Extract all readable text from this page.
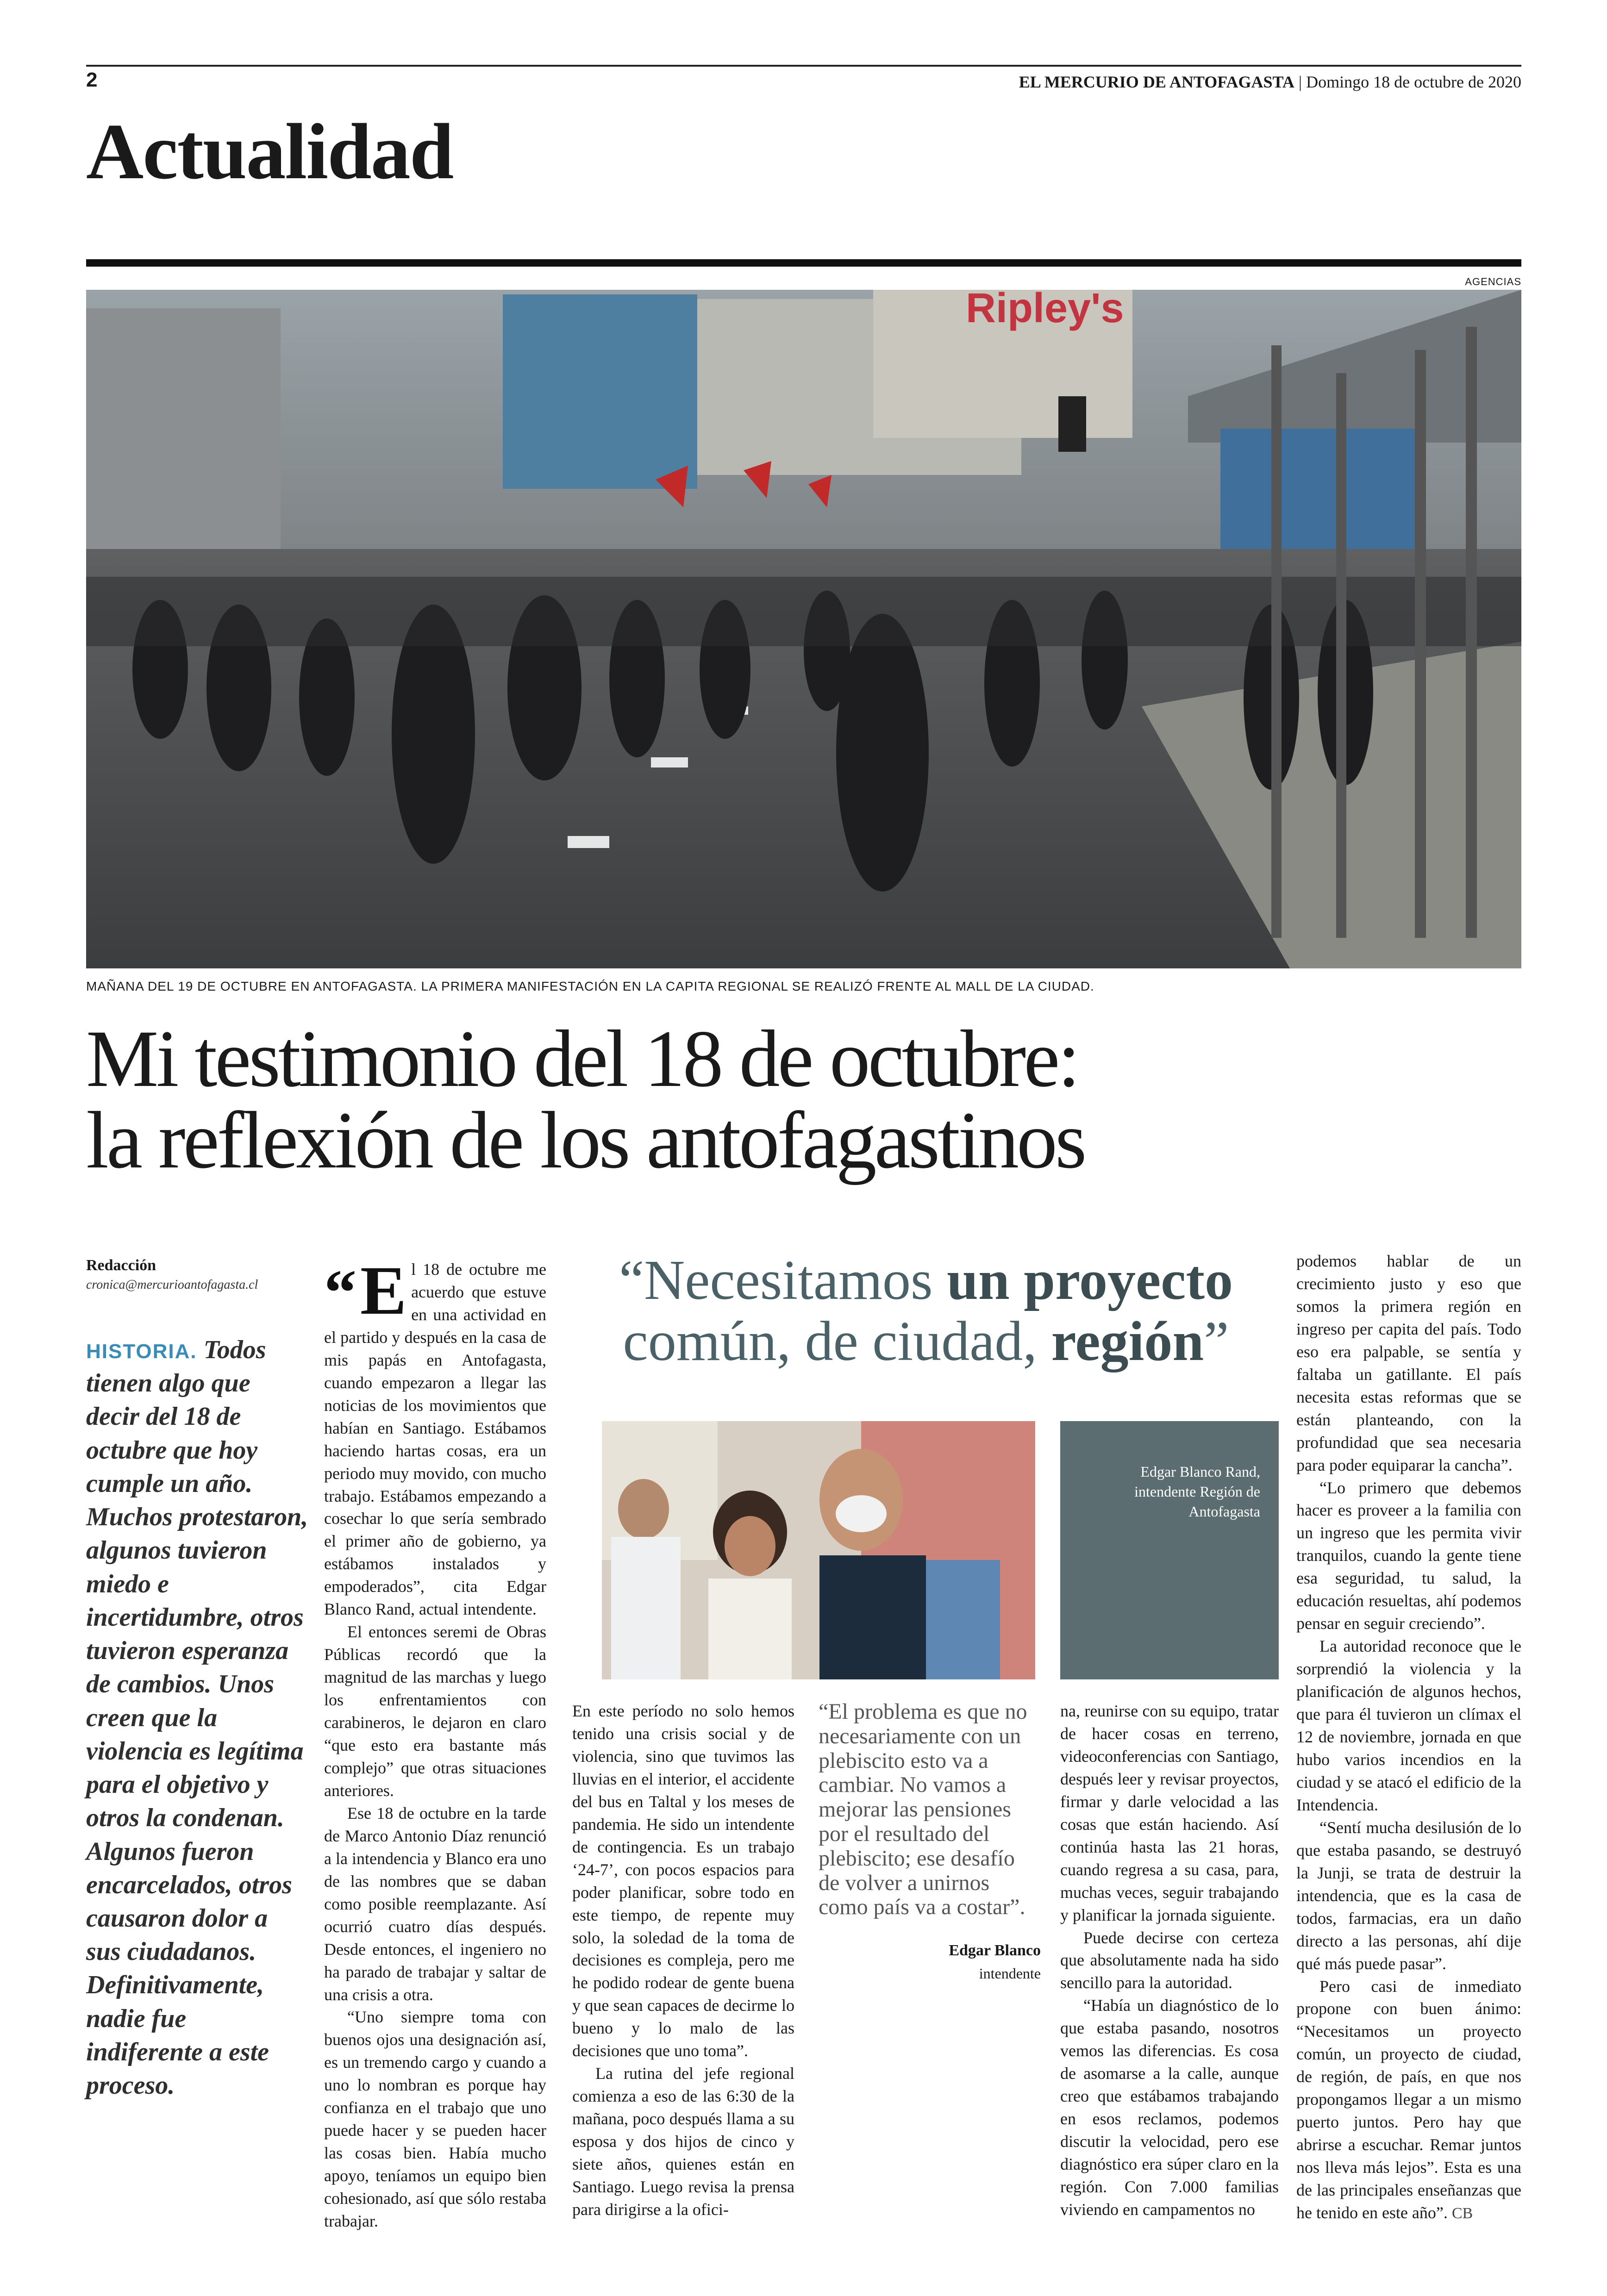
2	EL MERCURIO DE ANTOFAGASTA | Domingo 18 de octubre de 2020
Actualidad
AGENCIAS
Ripley's
MAÑANA DEL 19 DE OCTUBRE EN ANTOFAGASTA. LA PRIMERA MANIFESTACIÓN EN LA CAPITA REGIONAL SE REALIZÓ FRENTE AL MALL DE LA CIUDAD.
Mi testimonio del 18 de octubre:
la reflexión de los antofagastinos
Redacción
cronica@mercurioantofagasta.cl
HISTORIA. Todos tienen algo que decir del 18 de octubre que hoy cumple un año. Muchos protestaron, algunos tuvieron miedo e incertidumbre, otros tuvieron esperanza de cambios. Unos creen que la violencia es legítima para el objetivo y otros la condenan. Algunos fueron encarcelados, otros causaron dolor a sus ciudadanos. Definitivamente, nadie fue indiferente a este proceso.

“ E l 18 de octubre me acuerdo que estuve en una actividad en el partido y después en la casa de mis papás en Antofagasta, cuando empezaron a llegar las noticias de los movimientos que habían en Santiago. Estábamos haciendo hartas cosas, era un periodo muy movido, con mucho trabajo. Estábamos empezando a cosechar lo que sería sembrado el primer año de gobierno, ya estábamos instalados y empoderados”, cita Edgar Blanco Rand, actual intendente.

El entonces seremi de Obras Públicas recordó que la magnitud de las marchas y luego los enfrentamientos con carabineros, le dejaron en claro “que esto era bastante más complejo” que otras situaciones anteriores.

Ese 18 de octubre en la tarde de Marco Antonio Díaz renunció a la intendencia y Blanco era uno de las nombres que se daban como posible reemplazante. Así ocurrió cuatro días después. Desde entonces, el ingeniero no ha parado de trabajar y saltar de una crisis a otra.

“Uno siempre toma con buenos ojos una designación así, es un tremendo cargo y cuando a uno lo nombran es porque hay confianza en el trabajo que uno puede hacer y se pueden hacer las cosas bien. Había mucho apoyo, teníamos un equipo bien cohesionado, así que sólo restaba trabajar.

“Necesitamos un proyecto común, de ciudad, región”
Edgar Blanco Rand,
intendente Región de Antofagasta

En este período no solo hemos tenido una crisis social y de violencia, sino que tuvimos las lluvias en el interior, el accidente del bus en Taltal y los meses de pandemia. He sido un intendente de contingencia. Es un trabajo ‘24-7’, con pocos espacios para poder planificar, sobre todo en este tiempo, de repente muy solo, la soledad de la toma de decisiones es compleja, pero me he podido rodear de gente buena y que sean capaces de decirme lo bueno y lo malo de las decisiones que uno toma”.

La rutina del jefe regional comienza a eso de las 6:30 de la mañana, poco después llama a su esposa y dos hijos de cinco y siete años, quienes están en Santiago. Luego revisa la prensa para dirigirse a la ofici-

“El problema es que no necesariamente con un plebiscito esto va a cambiar. No vamos a mejorar las pensiones por el resultado del plebiscito; ese desafío de volver a unirnos como país va a costar”.
Edgar Blanco
intendente

na, reunirse con su equipo, tratar de hacer cosas en terreno, videoconferencias con Santiago, después leer y revisar proyectos, firmar y darle velocidad a las cosas que están haciendo. Así continúa hasta las 21 horas, cuando regresa a su casa, para, muchas veces, seguir trabajando y planificar la jornada siguiente.

Puede decirse con certeza que absolutamente nada ha sido sencillo para la autoridad.

“Había un diagnóstico de lo que estaba pasando, nosotros vemos las diferencias. Es cosa de asomarse a la calle, aunque creo que estábamos trabajando en esos reclamos, podemos discutir la velocidad, pero ese diagnóstico era súper claro en la región. Con 7.000 familias viviendo en campamentos no

podemos hablar de un crecimiento justo y eso que somos la primera región en ingreso per capita del país. Todo eso era palpable, se sentía y faltaba un gatillante. El país necesita estas reformas que se están planteando, con la profundidad que sea necesaria para poder equiparar la cancha”.

“Lo primero que debemos hacer es proveer a la familia con un ingreso que les permita vivir tranquilos, cuando la gente tiene esa seguridad, tu salud, la educación resueltas, ahí podemos pensar en seguir creciendo”.

La autoridad reconoce que le sorprendió la violencia y la planificación de algunos hechos, que para él tuvieron un clímax el 12 de noviembre, jornada en que hubo varios incendios en la ciudad y se atacó el edificio de la Intendencia.

“Sentí mucha desilusión de lo que estaba pasando, se destruyó la Junji, se trata de destruir la intendencia, que es la casa de todos, farmacias, era un daño directo a las personas, ahí dije qué más puede pasar”.

Pero casi de inmediato propone con buen ánimo: “Necesitamos un proyecto común, un proyecto de ciudad, de región, de país, en que nos propongamos llegar a un mismo puerto juntos. Pero hay que abrirse a escuchar. Remar juntos nos lleva más lejos”. Esta es una de las principales enseñanzas que he tenido en este año”. CB
